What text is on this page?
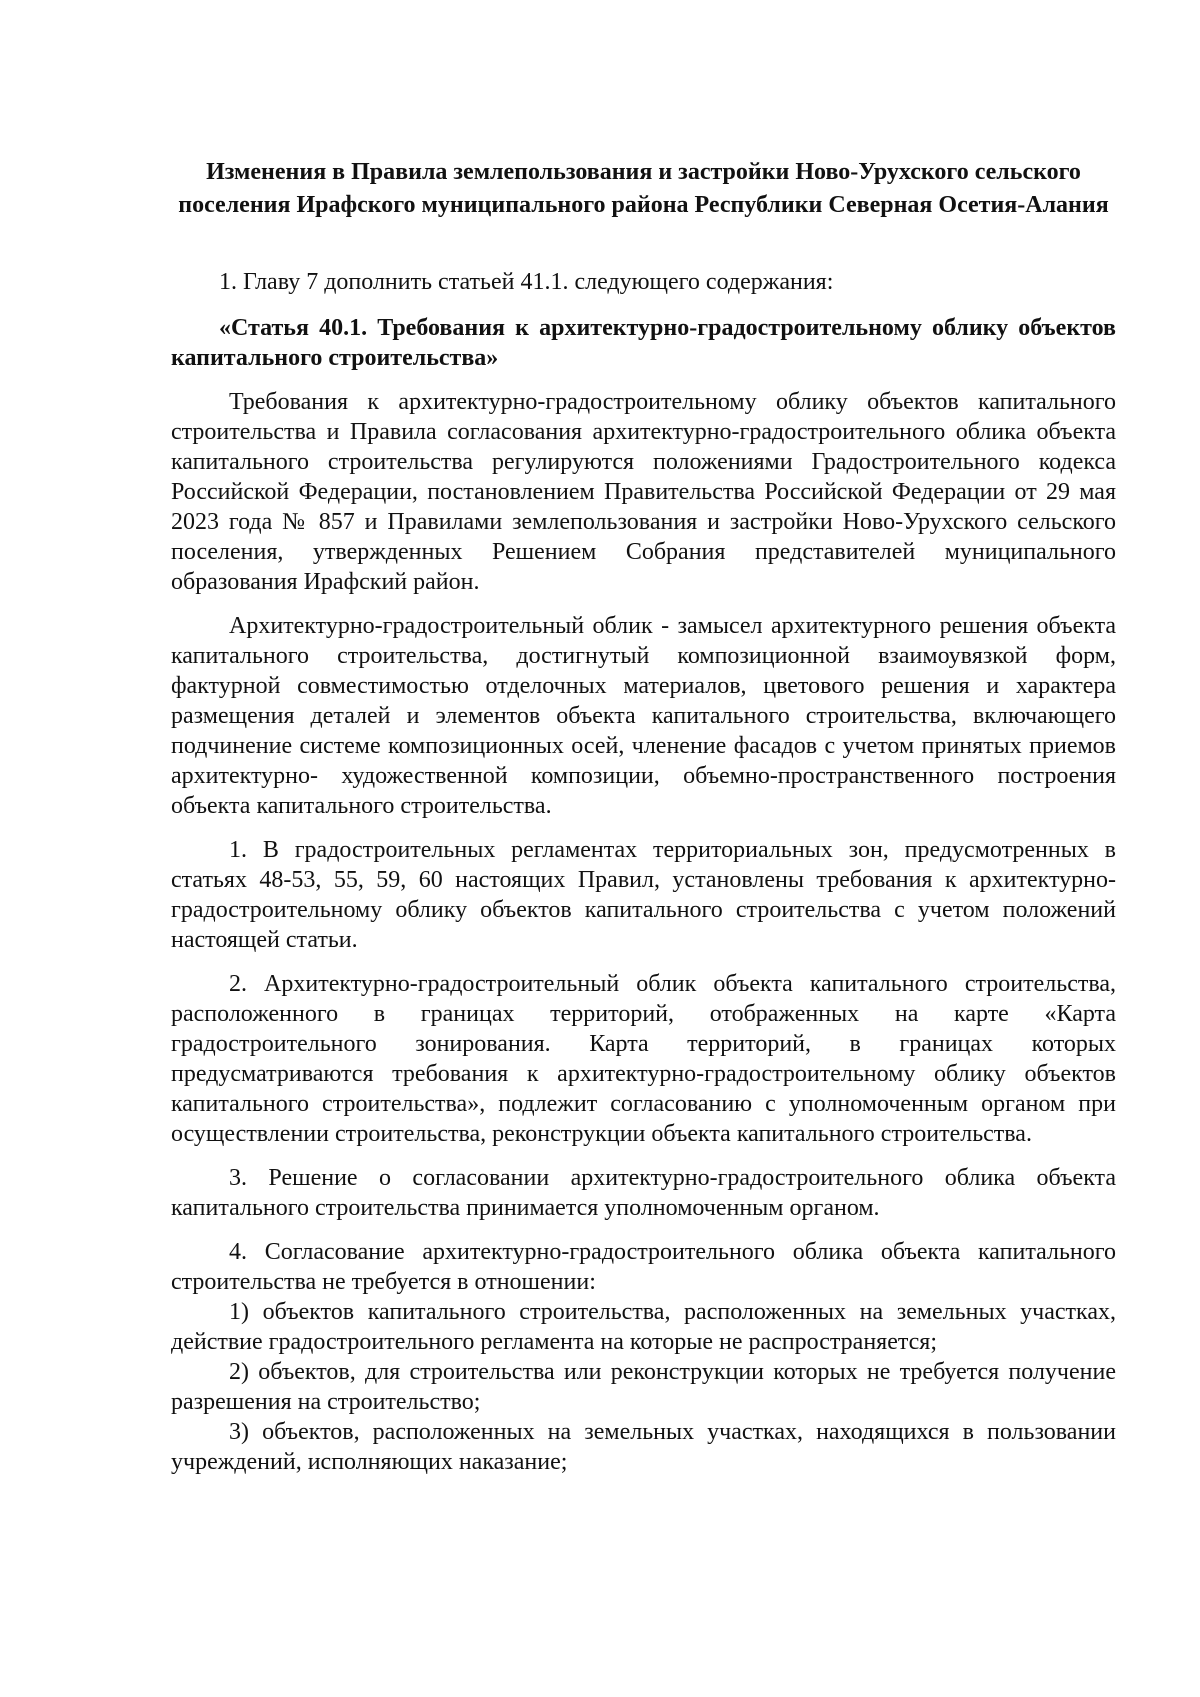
Изменения в Правила землепользования и застройки Ново-Урухского сельского
поселения Ирафского муниципального района Республики Северная Осетия-Алания

1. Главу 7 дополнить статьей 41.1. следующего содержания:

«Статья 40.1. Требования к архитектурно-градостроительному облику объектов капитального строительства»

Требования к архитектурно-градостроительному облику объектов капитального строительства и Правила согласования архитектурно-градостроительного облика объекта капитального строительства регулируются положениями Градостроительного кодекса Российской Федерации, постановлением Правительства Российской Федерации от 29 мая 2023 года № 857 и Правилами землепользования и застройки Ново-Урухского сельского поселения, утвержденных Решением Собрания представителей муниципального образования Ирафский район.

Архитектурно-градостроительный облик - замысел архитектурного решения объекта капитального строительства, достигнутый композиционной взаимоувязкой форм, фактурной совместимостью отделочных материалов, цветового решения и характера размещения деталей и элементов объекта капитального строительства, включающего подчинение системе композиционных осей, членение фасадов с учетом принятых приемов архитектурно- художественной композиции, объемно-пространственного построения объекта капитального строительства.

1. В градостроительных регламентах территориальных зон, предусмотренных в статьях 48-53, 55, 59, 60 настоящих Правил, установлены требования к архитектурно-градостроительному облику объектов капитального строительства с учетом положений настоящей статьи.

2. Архитектурно-градостроительный облик объекта капитального строительства, расположенного в границах территорий, отображенных на карте «Карта градостроительного зонирования. Карта территорий, в границах которых предусматриваются требования к архитектурно-градостроительному облику объектов капитального строительства», подлежит согласованию с уполномоченным органом при осуществлении строительства, реконструкции объекта капитального строительства.

3. Решение о согласовании архитектурно-градостроительного облика объекта капитального строительства принимается уполномоченным органом.

4. Согласование архитектурно-градостроительного облика объекта капитального строительства не требуется в отношении:

1) объектов капитального строительства, расположенных на земельных участках, действие градостроительного регламента на которые не распространяется;

2) объектов, для строительства или реконструкции которых не требуется получение разрешения на строительство;

3) объектов, расположенных на земельных участках, находящихся в пользовании учреждений, исполняющих наказание;
